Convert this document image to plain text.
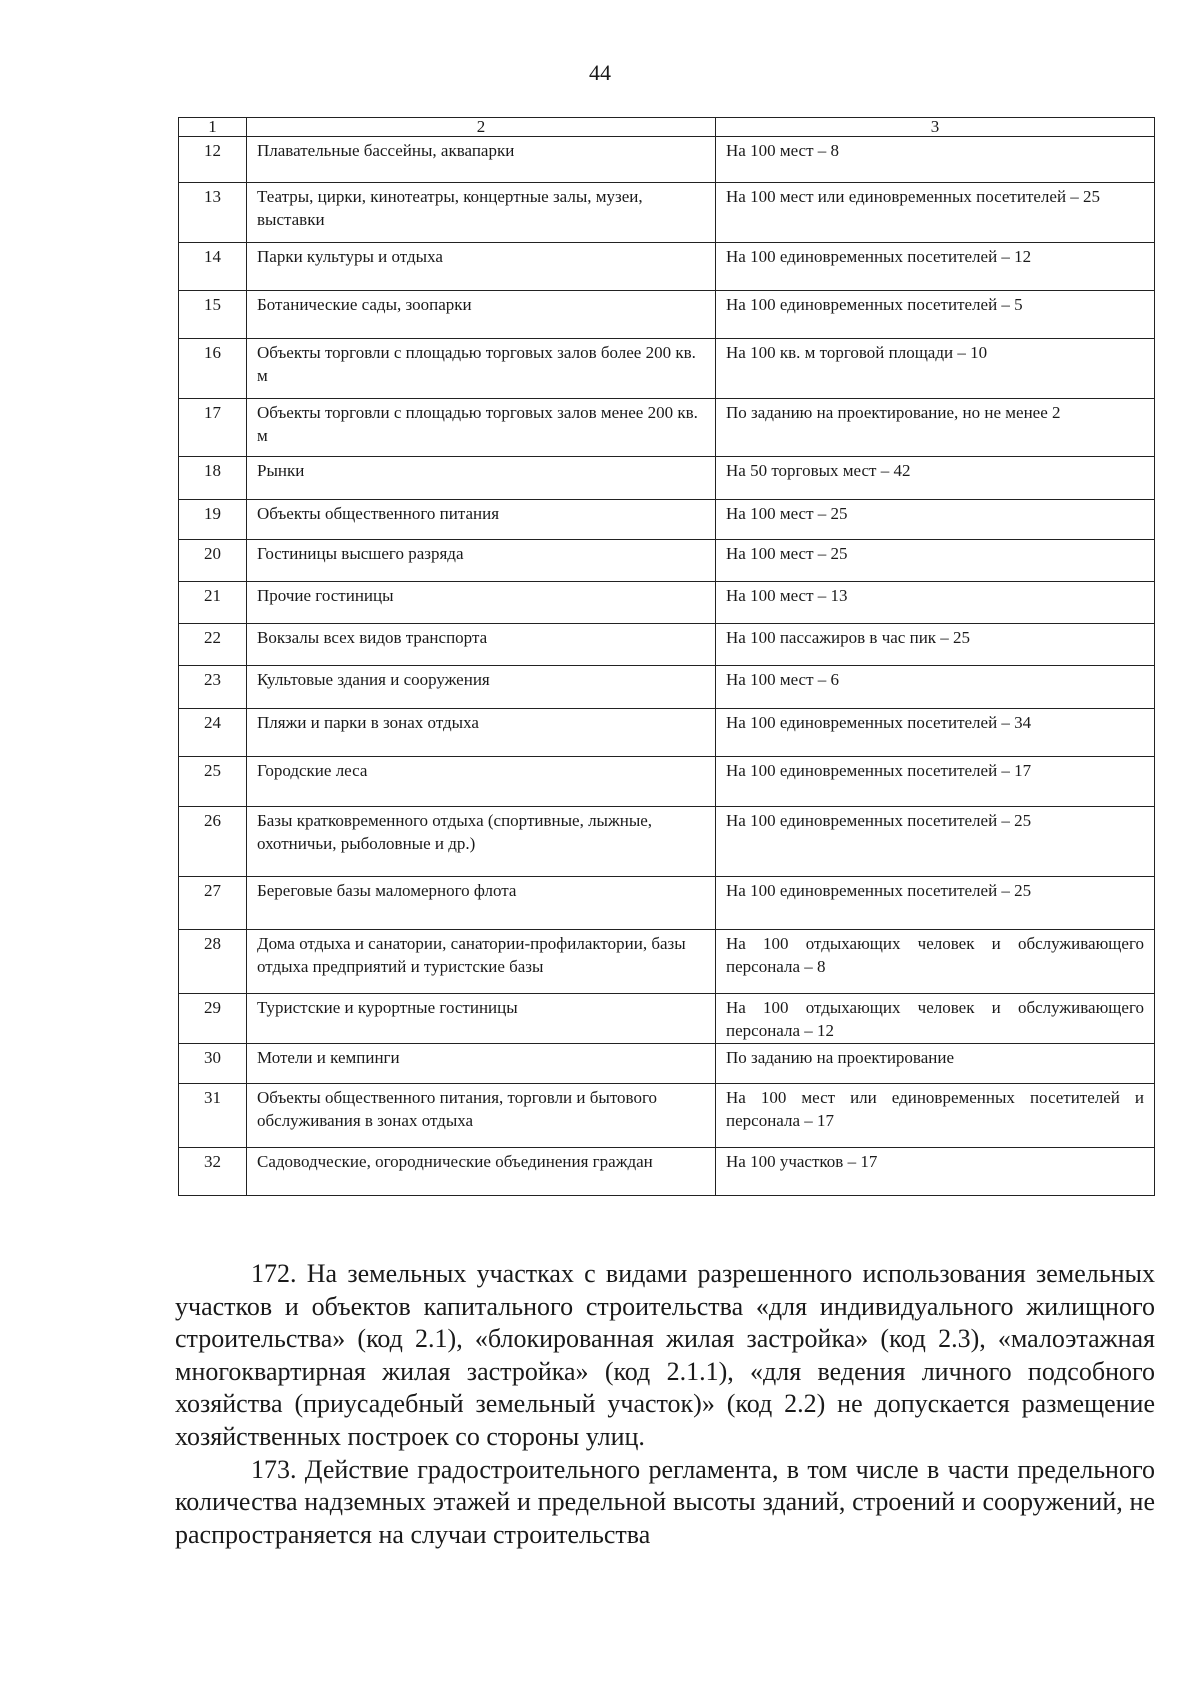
44
1	2	3
12	Плавательные бассейны, аквапарки	На 100 мест – 8
13	Театры, цирки, кинотеатры, концертные залы, музеи, выставки	На 100 мест или единовременных посетителей – 25
14	Парки культуры и отдыха	На 100 единовременных посетителей – 12
15	Ботанические сады, зоопарки	На 100 единовременных посетителей – 5
16	Объекты торговли с площадью торговых залов более 200 кв. м	На 100 кв. м торговой площади – 10
17	Объекты торговли с площадью торговых залов менее 200 кв. м	По заданию на проектирование, но не менее 2
18	Рынки	На 50 торговых мест – 42
19	Объекты общественного питания	На 100 мест – 25
20	Гостиницы высшего разряда	На 100 мест – 25
21	Прочие гостиницы	На 100 мест – 13
22	Вокзалы всех видов транспорта	На 100 пассажиров в час пик – 25
23	Культовые здания и сооружения	На 100 мест – 6
24	Пляжи и парки в зонах отдыха	На 100 единовременных посетителей – 34
25	Городские леса	На 100 единовременных посетителей – 17
26	Базы кратковременного отдыха (спортивные, лыжные, охотничьи, рыболовные и др.)	На 100 единовременных посетителей – 25
27	Береговые базы маломерного флота	На 100 единовременных посетителей – 25
28	Дома отдыха и санатории, санатории-профилактории, базы отдыха предприятий и туристские базы	На 100 отдыхающих человек и обслуживающего персонала – 8
29	Туристские и курортные гостиницы	На 100 отдыхающих человек и обслуживающего персонала – 12
30	Мотели и кемпинги	По заданию на проектирование
31	Объекты общественного питания, торговли и бытового обслуживания в зонах отдыха	На 100 мест или единовременных посетителей и персонала – 17
32	Садоводческие, огороднические объединения граждан	На 100 участков – 17

172. На земельных участках с видами разрешенного использования земельных участков и объектов капитального строительства «для индивидуального жилищного строительства» (код 2.1), «блокированная жилая застройка» (код 2.3), «малоэтажная многоквартирная жилая застройка» (код 2.1.1), «для ведения личного подсобного хозяйства (приусадебный земельный участок)» (код 2.2) не допускается размещение хозяйственных построек со стороны улиц.

173. Действие градостроительного регламента, в том числе в части предельного количества надземных этажей и предельной высоты зданий, строений и сооружений, не распространяется на случаи строительства
